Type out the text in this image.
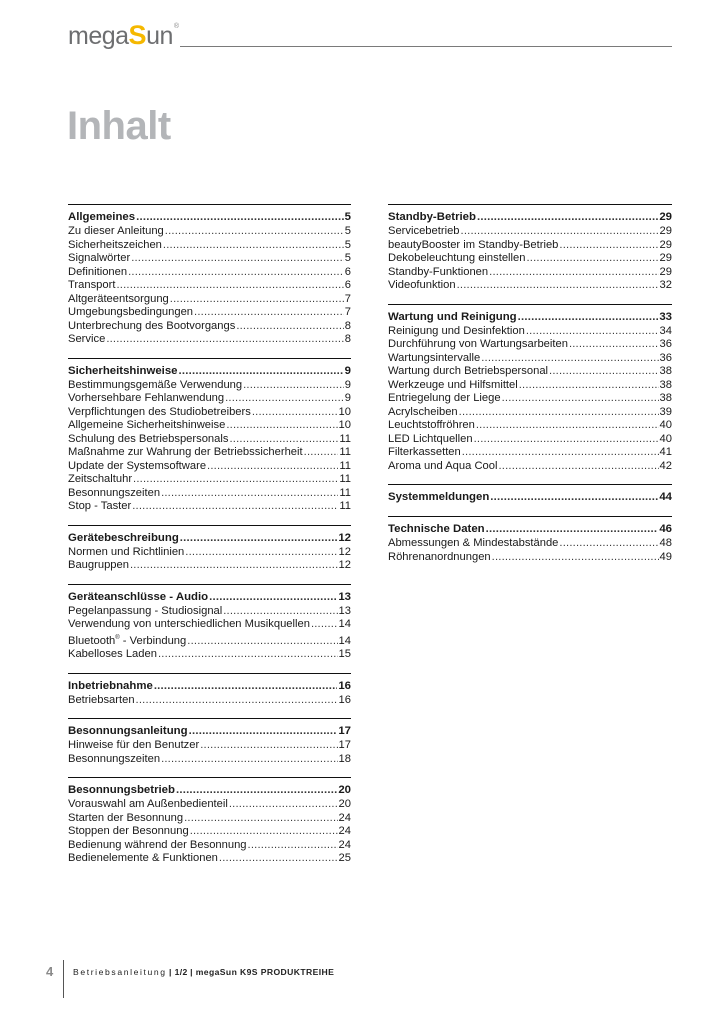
mega S un ®
Inhalt
Allgemeines .....	5
Zu dieser Anleitung .....	5
Sicherheitszeichen .....	5
Signalwörter .....	5
Definitionen .....	6
Transport .....	6
Altgeräteentsorgung .....	7
Umgebungsbedingungen .....	7
Unterbrechung des Bootvorgangs .....	8
Service .....	8
Sicherheitshinweise .....	9
Bestimmungsgemäße Verwendung .....	9
Vorhersehbare Fehlanwendung .....	9
Verpflichtungen des Studiobetreibers .....	10
Allgemeine Sicherheitshinweise .....	10
Schulung des Betriebspersonals .....	11
Maßnahme zur Wahrung der Betriebssicherheit .....	11
Update der Systemsoftware .....	11
Zeitschaltuhr .....	11
Besonnungszeiten .....	11
Stop - Taster .....	11
Gerätebeschreibung .....	12
Normen und Richtlinien .....	12
Baugruppen .....	12
Geräteanschlüsse - Audio .....	13
Pegelanpassung - Studiosignal .....	13
Verwendung von unterschiedlichen Musikquellen .....	14
Bluetooth® - Verbindung .....	14
Kabelloses Laden .....	15
Inbetriebnahme .....	16
Betriebsarten .....	16
Besonnungsanleitung .....	17
Hinweise für den Benutzer .....	17
Besonnungszeiten .....	18
Besonnungsbetrieb .....	20
Vorauswahl am Außenbedienteil .....	20
Starten der Besonnung .....	24
Stoppen der Besonnung .....	24
Bedienung während der Besonnung .....	24
Bedienelemente & Funktionen .....	25
Standby-Betrieb .....	29
Servicebetrieb .....	29
beautyBooster im Standby-Betrieb .....	29
Dekobeleuchtung einstellen .....	29
Standby-Funktionen .....	29
Videofunktion .....	32
Wartung und Reinigung .....	33
Reinigung und Desinfektion .....	34
Durchführung von Wartungsarbeiten .....	36
Wartungsintervalle .....	36
Wartung durch Betriebspersonal .....	38
Werkzeuge und Hilfsmittel .....	38
Entriegelung der Liege .....	38
Acrylscheiben .....	39
Leuchtstoffröhren .....	40
LED Lichtquellen .....	40
Filterkassetten .....	41
Aroma und Aqua Cool .....	42
Systemmeldungen .....	44
Technische Daten .....	46
Abmessungen & Mindestabstände .....	48
Röhrenanordnungen .....	49
4 Betriebsanleitung | 1/2 | megaSun K9S PRODUKTREIHE
